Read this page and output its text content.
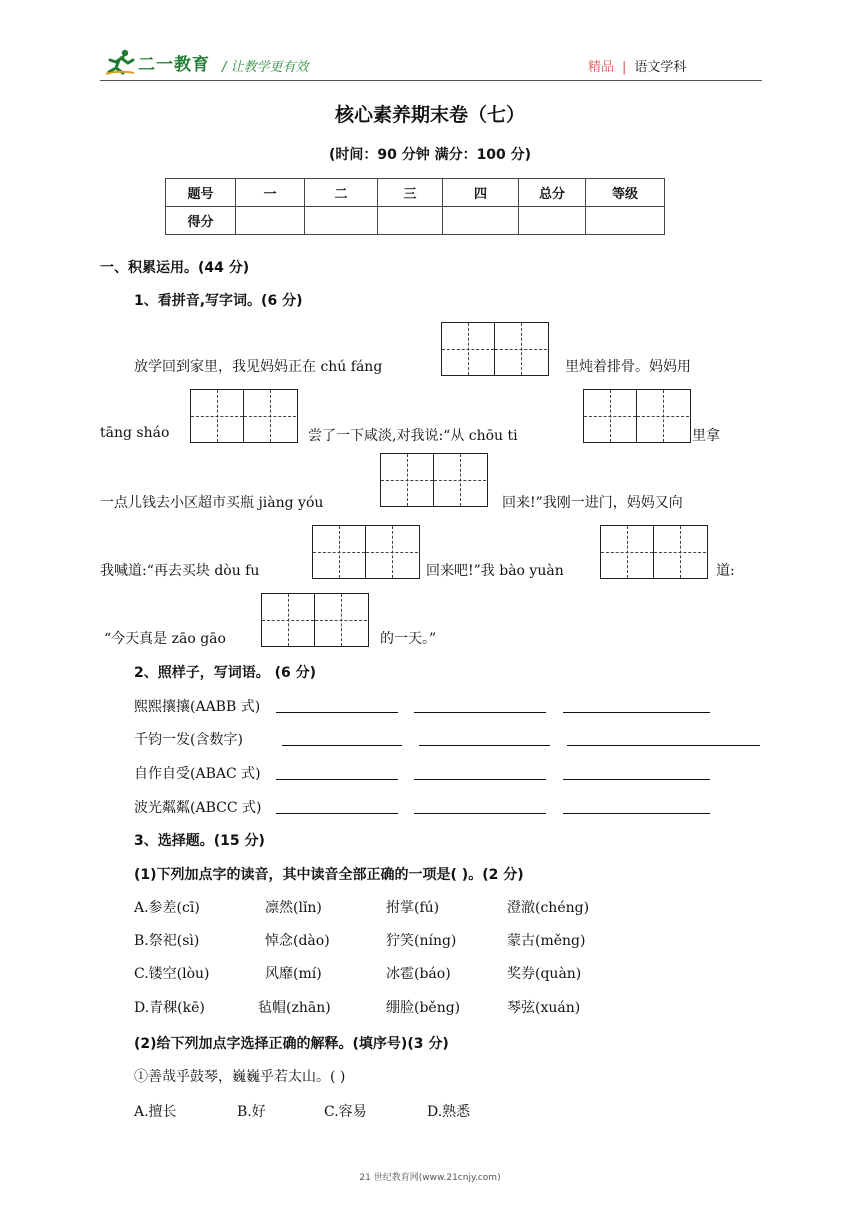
二一教育 / 让教学更有效	精品 | 语文学科
核心素养期末卷（七）
(时间：90 分钟 满分：100 分)
题号	一	二	三	四	总分	等级
得分						
一、积累运用。(44 分)
1、看拼音,写字词。(6 分)
放学回到家里，我见妈妈正在 chú fáng	里炖着排骨。妈妈用
tāng sháo	尝了一下咸淡,对我说:“从 chōu ti	里拿
一点儿钱去小区超市买瓶 jiàng yóu	回来!”我刚一进门，妈妈又向
我喊道:“再去买块 dòu fu	回来吧!”我 bào yuàn	道:
“今天真是 zāo gāo	的一天。”
2、照样子，写词语。 (6 分)
熙熙攘攘(AABB 式)
千钧一发(含数字)
自作自受(ABAC 式)
波光粼粼(ABCC 式)
3、选择题。(15 分)
(1)下列加点字的读音，其中读音全部正确的一项是( )。(2 分)
A.参差(cī)	凛然(lǐn)	拊掌(fú)	澄澈(chéng)
B.祭祀(sì)	悼念(dào)	狞笑(níng)	蒙古(měng)
C.镂空(lòu)	风靡(mí)	冰雹(báo)	奖券(quàn)
D.青稞(kē)	毡帽(zhān)	绷脸(běng)	琴弦(xuán)
(2)给下列加点字选择正确的解释。(填序号)(3 分)
①善哉乎鼓琴，巍巍乎若太山。( )
A.擅长	B.好	C.容易	D.熟悉
21 世纪教育网(www.21cnjy.com)
